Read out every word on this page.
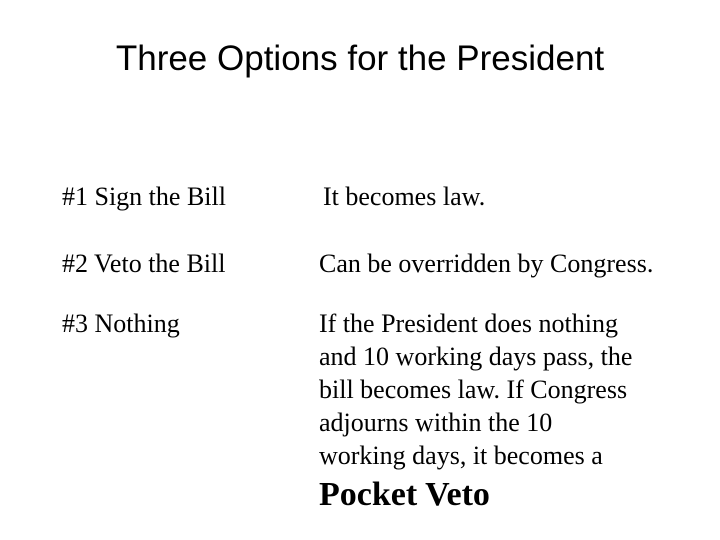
Three Options for the President
#1 Sign the Bill	It becomes law.
#2 Veto the Bill	Can be overridden by Congress.
#3 Nothing	If the President does nothing
and 10 working days pass, the
bill becomes law. If Congress
adjourns within the 10
working days, it becomes a
Pocket Veto
